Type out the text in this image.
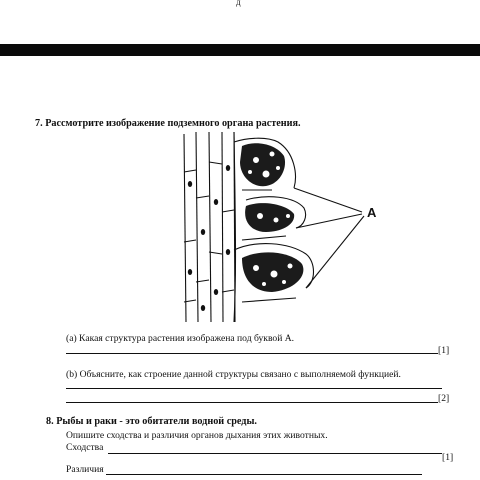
д
7. Рассмотрите изображение подземного органа растения.
A
(a) Какая структура растения изображена под буквой А.
[1]
(b) Объясните, как строение данной структуры связано с выполняемой функцией.
[2]
8. Рыбы и раки - это обитатели водной среды.
Опишите сходства и различия органов дыхания этих животных.
Сходства
[1]
Различия
